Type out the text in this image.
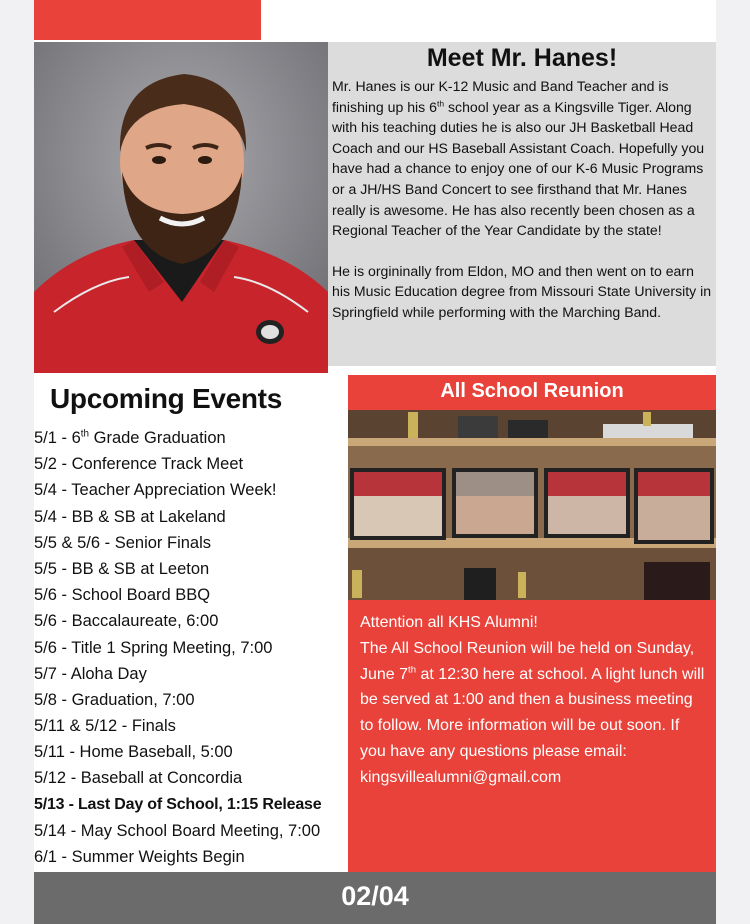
Meet Mr. Hanes!

Mr. Hanes is our K-12 Music and Band Teacher and is finishing up his 6th school year as a Kingsville Tiger. Along with his teaching duties he is also our JH Basketball Head Coach and our HS Baseball Assistant Coach. Hopefully you have had a chance to enjoy one of our K-6 Music Programs or a JH/HS Band Concert to see firsthand that Mr. Hanes really is awesome. He has also recently been chosen as a Regional Teacher of the Year Candidate by the state!

He is orgininally from Eldon, MO and then went on to earn his Music Education degree from Missouri State University in Springfield while performing with the Marching Band.

Upcoming Events
5/1 - 6th Grade Graduation
5/2 - Conference Track Meet
5/4 - Teacher Appreciation Week!
5/4 - BB & SB at Lakeland
5/5 & 5/6 - Senior Finals
5/5 - BB & SB at Leeton
5/6 - School Board BBQ
5/6 - Baccalaureate, 6:00
5/6 - Title 1 Spring Meeting, 7:00
5/7 - Aloha Day
5/8 - Graduation, 7:00
5/11 & 5/12 - Finals
5/11 - Home Baseball, 5:00
5/12 - Baseball at Concordia
5/13 - Last Day of School, 1:15 Release
5/14 - May School Board Meeting, 7:00
6/1 - Summer Weights Begin
All School Reunion
Attention all KHS Alumni!
The All School Reunion will be held on Sunday, June 7th at 12:30 here at school. A light lunch will be served at 1:00 and then a business meeting to follow. More information will be out soon. If you have any questions please email:
kingsvillealumni@gmail.com
02/04
